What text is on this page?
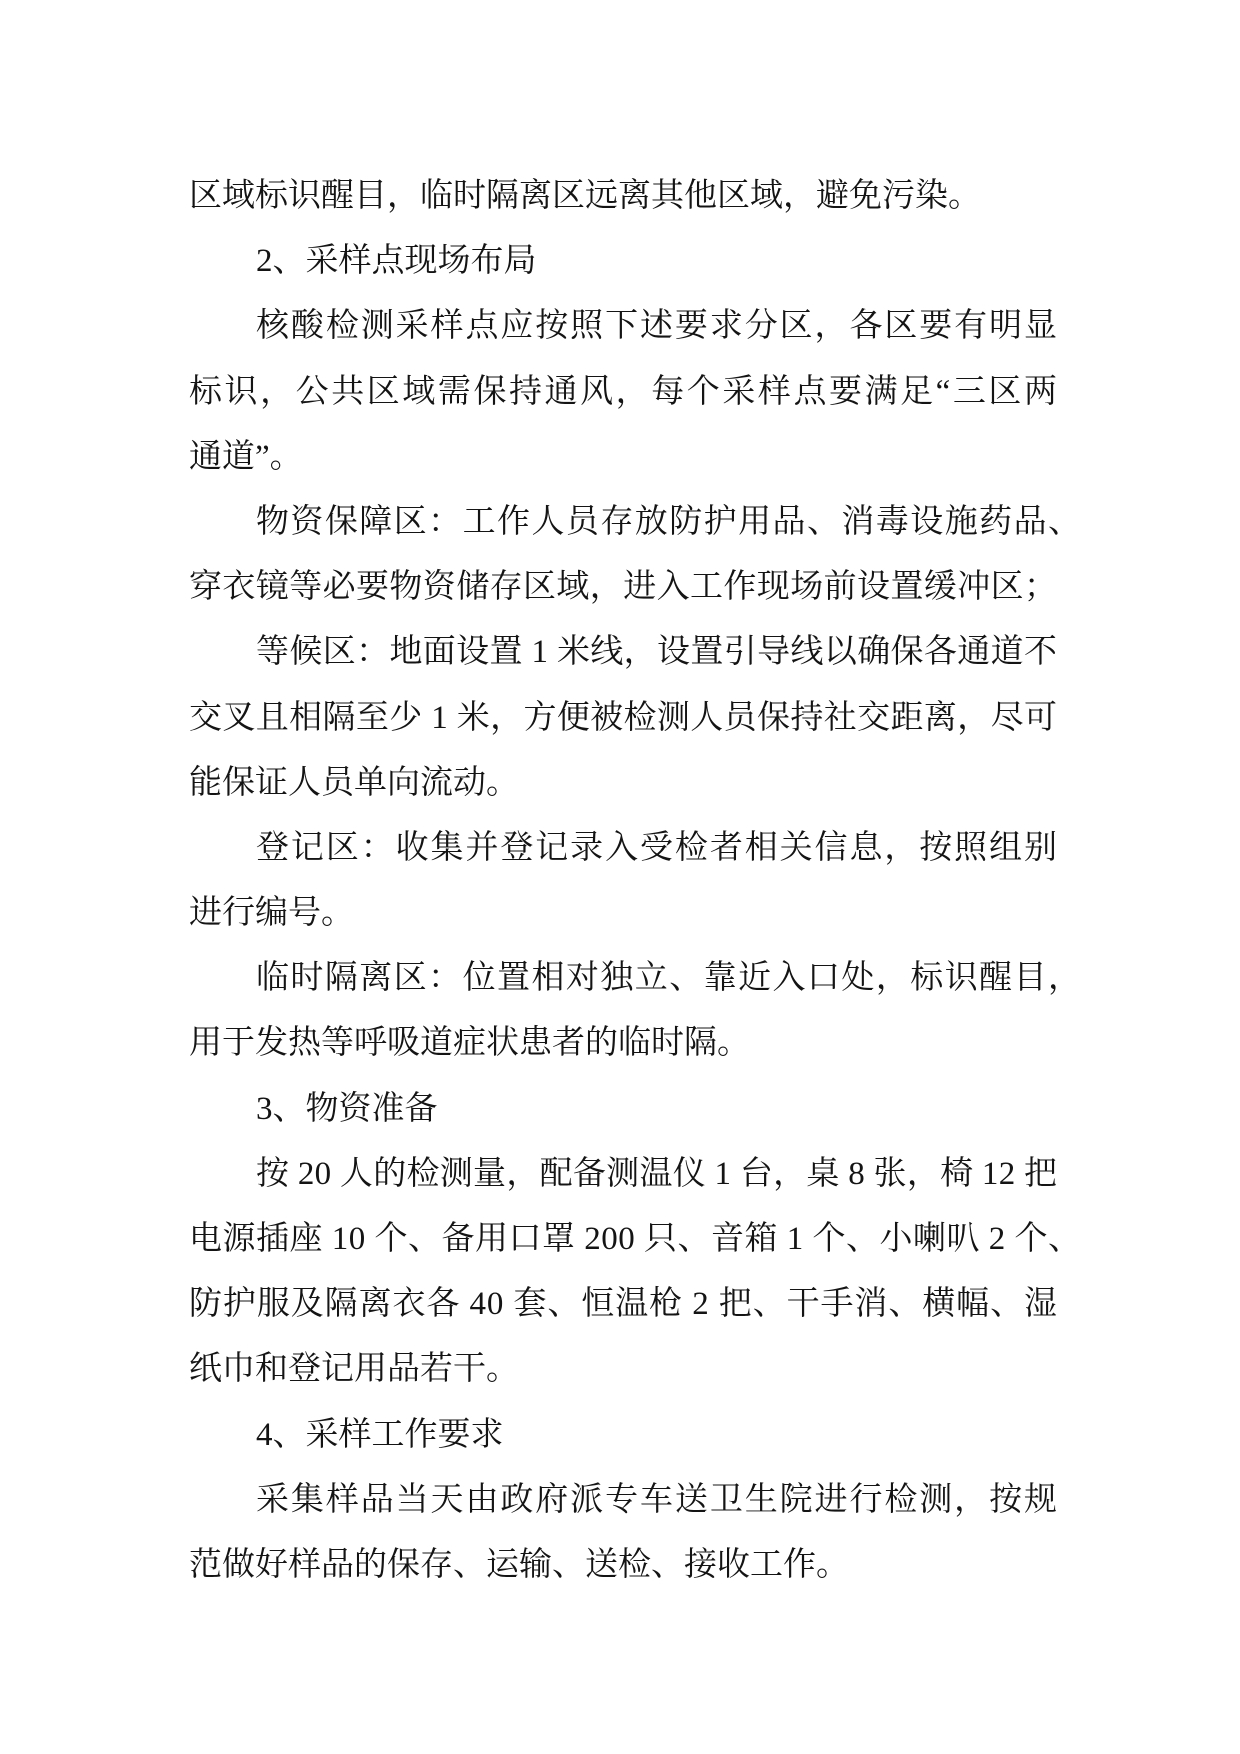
区域标识醒目，临时隔离区远离其他区域，避免污染。
2、采样点现场布局
核酸检测采样点应按照下述要求分区，各区要有明显
标识，公共区域需保持通风，每个采样点要满足“三区两
通道”。
物资保障区：工作人员存放防护用品、消毒设施药品、
穿衣镜等必要物资储存区域，进入工作现场前设置缓冲区；
等候区：地面设置 1 米线，设置引导线以确保各通道不
交叉且相隔至少 1 米，方便被检测人员保持社交距离，尽可
能保证人员单向流动。
登记区：收集并登记录入受检者相关信息，按照组别
进行编号。
临时隔离区：位置相对独立、靠近入口处，标识醒目，
用于发热等呼吸道症状患者的临时隔。
3、物资准备
按 20 人的检测量，配备测温仪 1 台，桌 8 张，椅 12 把
电源插座 10 个、备用口罩 200 只、音箱 1 个、小喇叭 2 个、
防护服及隔离衣各 40 套、恒温枪 2 把、干手消、横幅、湿
纸巾和登记用品若干。
4、采样工作要求
采集样品当天由政府派专车送卫生院进行检测，按规
范做好样品的保存、运输、送检、接收工作。
